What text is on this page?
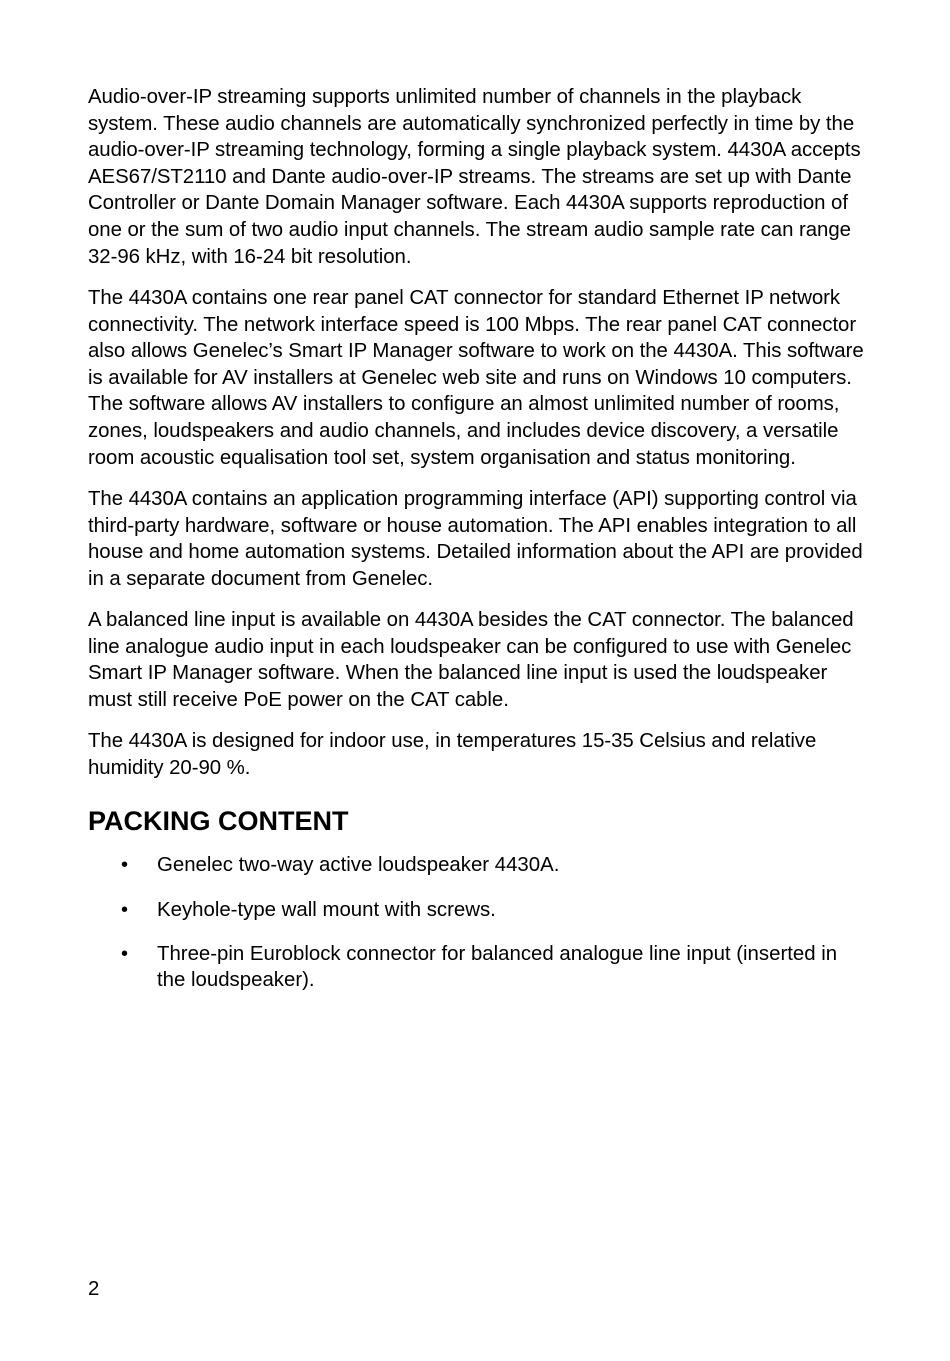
Audio-over-IP streaming supports unlimited number of channels in the playback system. These audio channels are automatically synchronized perfectly in time by the audio-over-IP streaming technology, forming a single playback system. 4430A accepts AES67/ST2110 and Dante audio-over-IP streams. The streams are set up with Dante Controller or Dante Domain Manager software. Each 4430A supports reproduction of one or the sum of two audio input channels. The stream audio sample rate can range 32-96 kHz, with 16-24 bit resolution.

The 4430A contains one rear panel CAT connector for standard Ethernet IP network connectivity. The network interface speed is 100 Mbps. The rear panel CAT connector also allows Genelec’s Smart IP Manager software to work on the 4430A. This software is available for AV installers at Genelec web site and runs on Windows 10 computers. The software allows AV installers to configure an almost unlimited number of rooms, zones, loudspeakers and audio channels, and includes device discovery, a versatile room acoustic equalisation tool set, system organisation and status monitoring.

The 4430A contains an application programming interface (API) supporting control via third-party hardware, software or house automation. The API enables integration to all house and home automation systems. Detailed information about the API are provided in a separate document from Genelec.

A balanced line input is available on 4430A besides the CAT connector. The balanced line analogue audio input in each loudspeaker can be configured to use with Genelec Smart IP Manager software. When the balanced line input is used the loudspeaker must still receive PoE power on the CAT cable.

The 4430A is designed for indoor use, in temperatures 15-35 Celsius and relative humidity 20-90 %.

PACKING CONTENT
• Genelec two-way active loudspeaker 4430A.
• Keyhole-type wall mount with screws.
• Three-pin Euroblock connector for balanced analogue line input (inserted in the loudspeaker).
2
